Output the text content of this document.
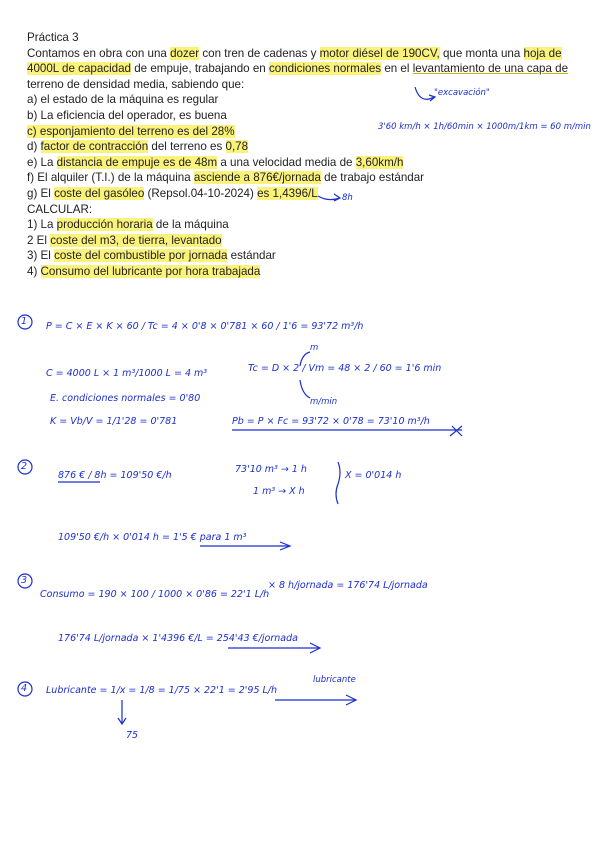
Práctica 3

Contamos en obra con una dozer con tren de cadenas y motor diésel de 190CV, que monta una hoja de

4000L de capacidad de empuje, trabajando en condiciones normales en el levantamiento de una capa de

terreno de densidad media, sabiendo que:

a) el estado de la máquina es regular

b) La eficiencia del operador, es buena

c) esponjamiento del terreno es del 28%

d) factor de contracción del terreno es 0,78

e) La distancia de empuje es de 48m a una velocidad media de 3,60km/h

f) El alquiler (T.I.) de la máquina asciende a 876€/jornada de trabajo estándar

g) El coste del gasóleo (Repsol.04-10-2024) es 1,4396/L

CALCULAR:

1) La producción horaria de la máquina

2 El coste del m3, de tierra, levantado

3) El coste del combustible por jornada estándar

4) Consumo del lubricante por hora trabajada

"excavación"
3'60 km/h × 1h/60min × 1000m/1km = 60 m/min
8h
1 P = C × E × K × 60 / Tc = 4 × 0'8 × 0'781 × 60 / 1'6 = 93'72 m³/h
C = 4000 L × 1 m³/1000 L = 4 m³
m
Tc = D × 2 / Vm = 48 × 2 / 60 = 1'6 min
m/min
E. condiciones normales = 0'80
K = Vb/V = 1/1'28 = 0'781	Pb = P × Fc = 93'72 × 0'78 = 73'10 m³/h
2
876 € / 8h = 109'50 €/h
73'10 m³ → 1 h
1 m³ → X h
X = 0'014 h
109'50 €/h × 0'014 h = 1'5 € para 1 m³
3
Consumo = 190 × 100 / 1000 × 0'86 = 22'1 L/h
× 8 h/jornada = 176'74 L/jornada
176'74 L/jornada × 1'4396 €/L = 254'43 €/jornada
4 Lubricante = 1/x = 1/8 = 1/75 × 22'1 = 2'95 L/h
lubricante
75
